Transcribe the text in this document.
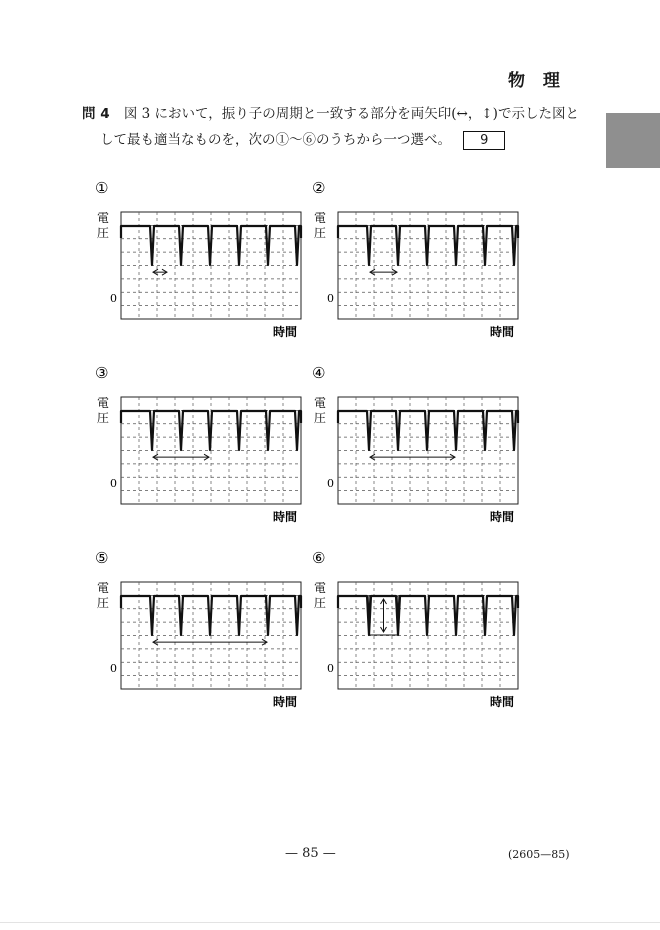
物 理
問 4 図 3 において，振り子の周期と一致する部分を両矢印(↔，↕)で示した図と
して最も適当なものを，次の①～⑥のうちから一つ選べ。 9
①
電
圧
0
時間
②
電
圧
0
時間
③
電
圧
0
時間
④
電
圧
0
時間
⑤
電
圧
0
時間
⑥
電
圧
0
時間
— 85 —	(2605—85)
